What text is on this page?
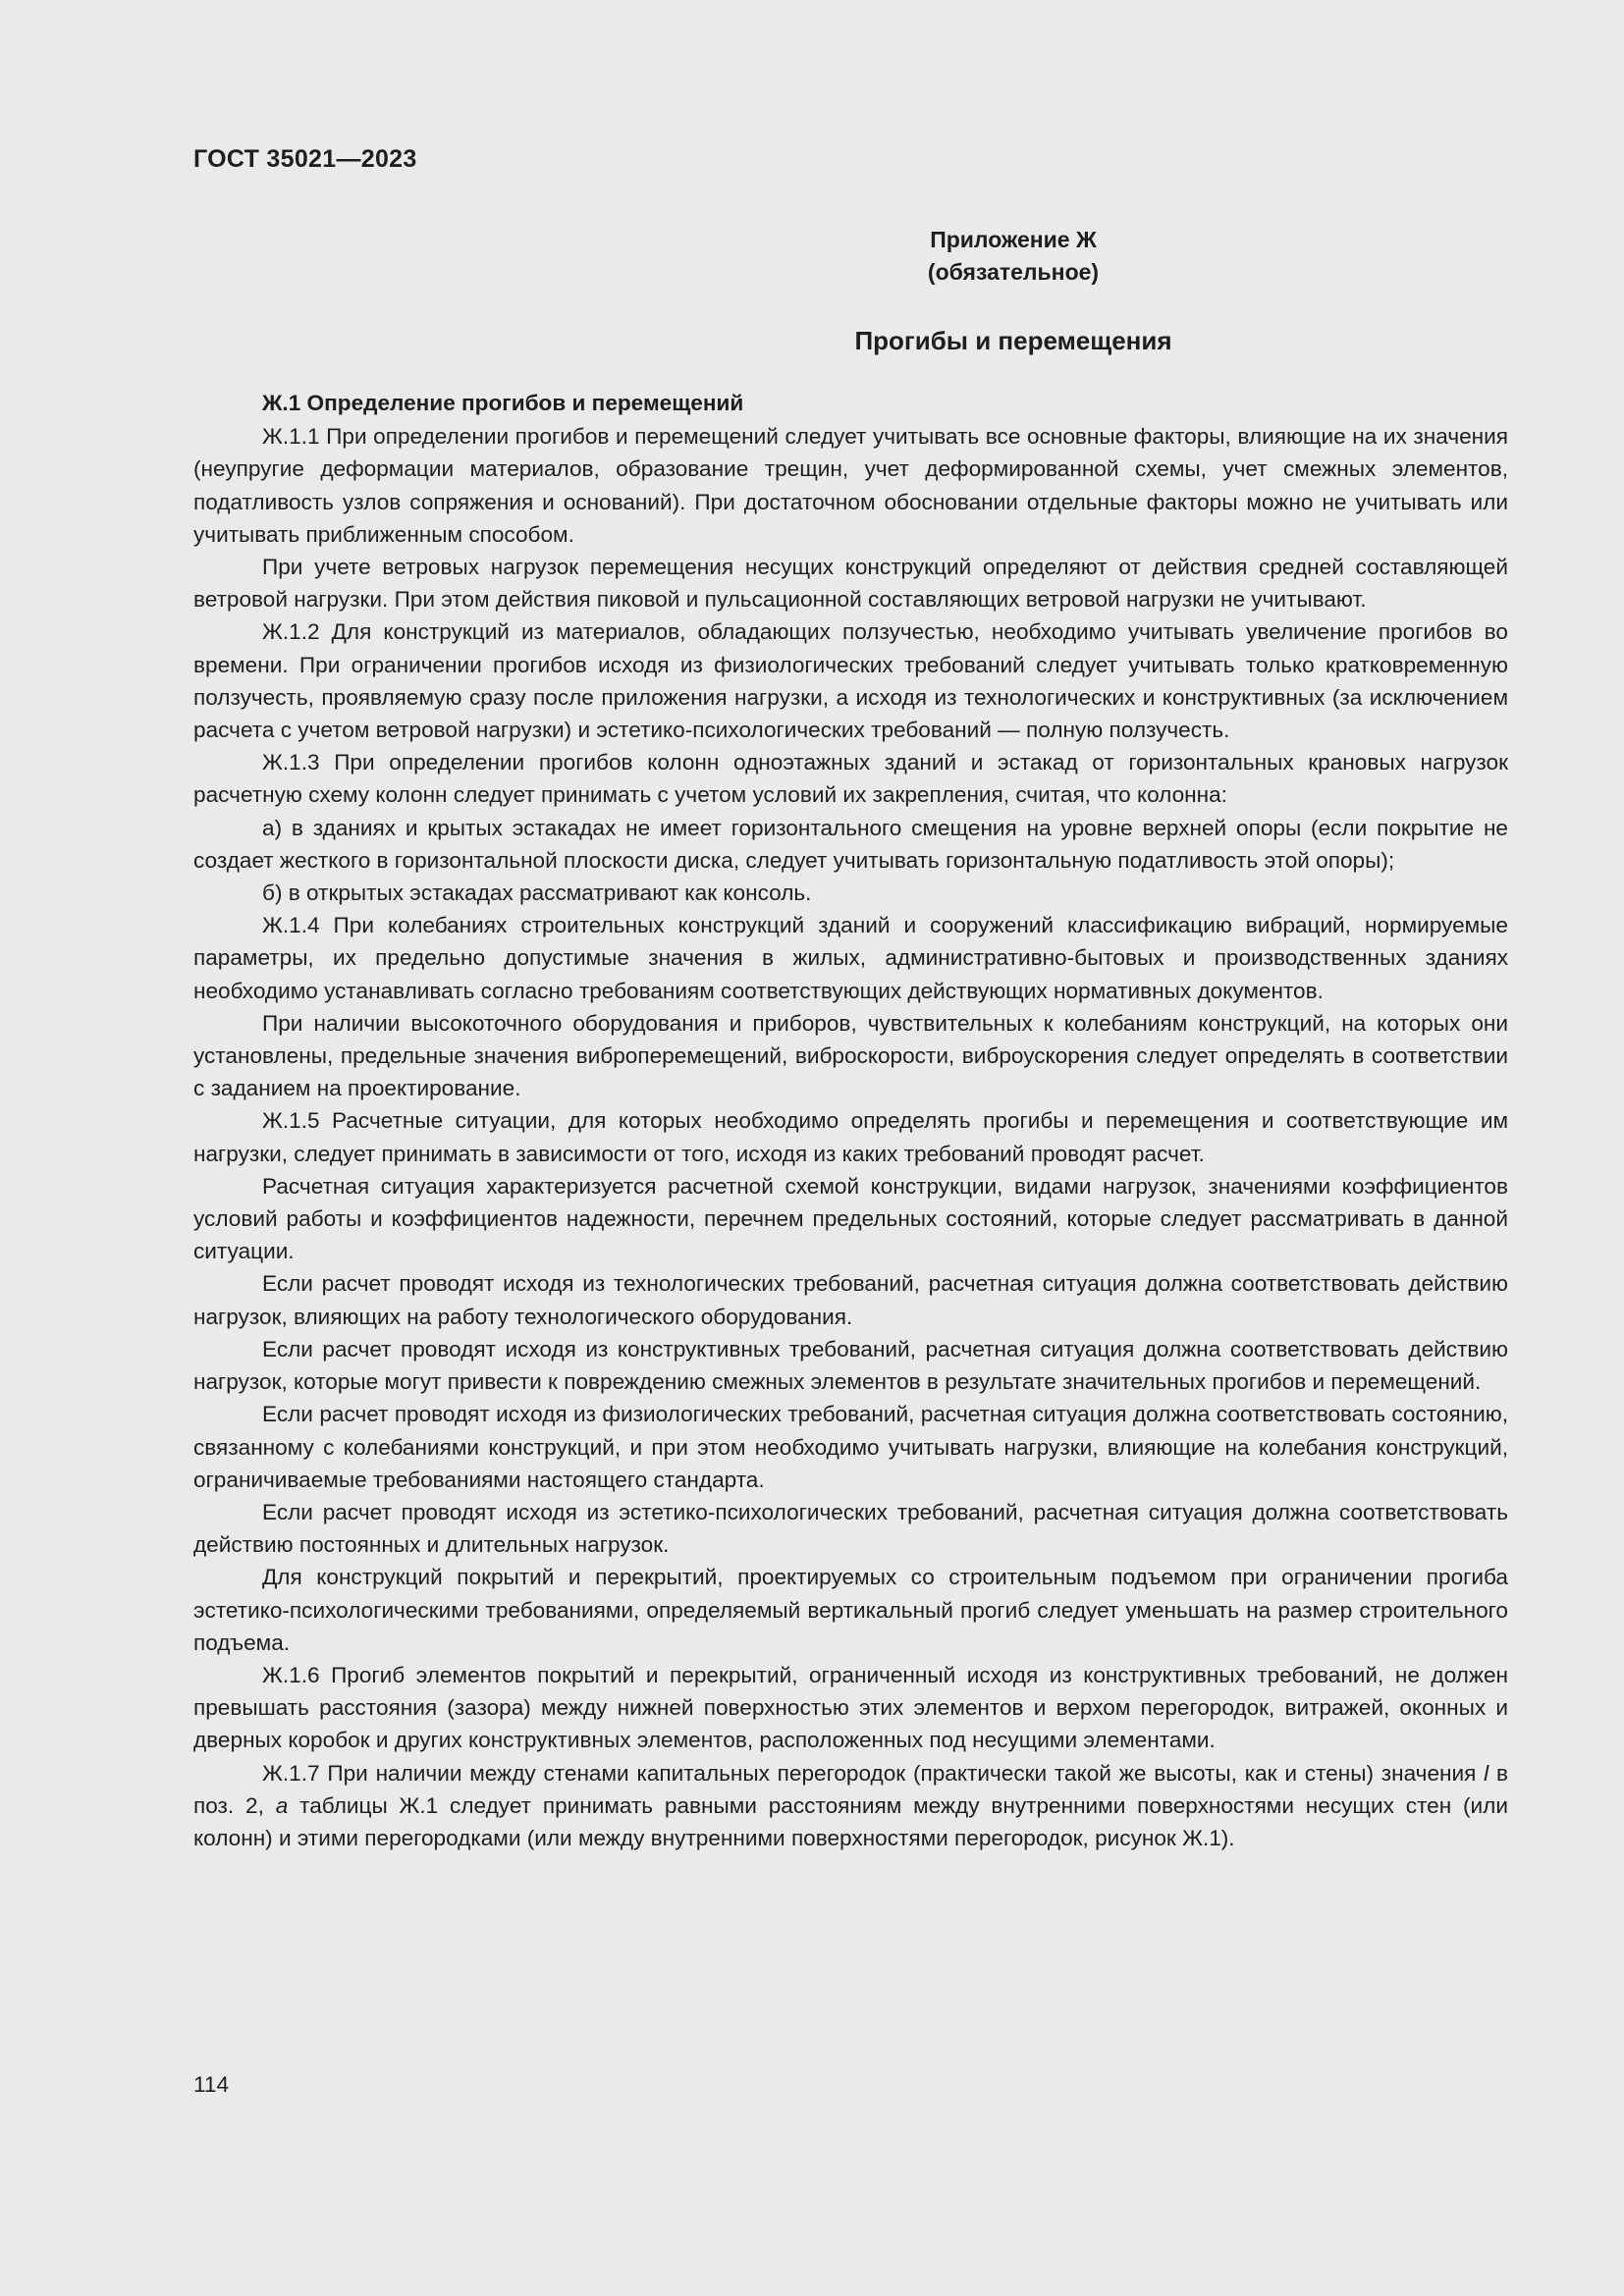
ГОСТ 35021—2023
Приложение Ж
(обязательное)
Прогибы и перемещения

Ж.1 Определение прогибов и перемещений

Ж.1.1 При определении прогибов и перемещений следует учитывать все основные факторы, влияющие на их значения (неупругие деформации материалов, образование трещин, учет деформированной схемы, учет смежных элементов, податливость узлов сопряжения и оснований). При достаточном обосновании отдельные факторы можно не учитывать или учитывать приближенным способом.

При учете ветровых нагрузок перемещения несущих конструкций определяют от действия средней составляющей ветровой нагрузки. При этом действия пиковой и пульсационной составляющих ветровой нагрузки не учитывают.

Ж.1.2 Для конструкций из материалов, обладающих ползучестью, необходимо учитывать увеличение прогибов во времени. При ограничении прогибов исходя из физиологических требований следует учитывать только кратковременную ползучесть, проявляемую сразу после приложения нагрузки, а исходя из технологических и конструктивных (за исключением расчета с учетом ветровой нагрузки) и эстетико-психологических требований — полную ползучесть.

Ж.1.3 При определении прогибов колонн одноэтажных зданий и эстакад от горизонтальных крановых нагрузок расчетную схему колонн следует принимать с учетом условий их закрепления, считая, что колонна:

а) в зданиях и крытых эстакадах не имеет горизонтального смещения на уровне верхней опоры (если покрытие не создает жесткого в горизонтальной плоскости диска, следует учитывать горизонтальную податливость этой опоры);

б) в открытых эстакадах рассматривают как консоль.

Ж.1.4 При колебаниях строительных конструкций зданий и сооружений классификацию вибраций, нормируемые параметры, их предельно допустимые значения в жилых, административно-бытовых и производственных зданиях необходимо устанавливать согласно требованиям соответствующих действующих нормативных документов.

При наличии высокоточного оборудования и приборов, чувствительных к колебаниям конструкций, на которых они установлены, предельные значения виброперемещений, виброскорости, виброускорения следует определять в соответствии с заданием на проектирование.

Ж.1.5 Расчетные ситуации, для которых необходимо определять прогибы и перемещения и соответствующие им нагрузки, следует принимать в зависимости от того, исходя из каких требований проводят расчет.

Расчетная ситуация характеризуется расчетной схемой конструкции, видами нагрузок, значениями коэффициентов условий работы и коэффициентов надежности, перечнем предельных состояний, которые следует рассматривать в данной ситуации.

Если расчет проводят исходя из технологических требований, расчетная ситуация должна соответствовать действию нагрузок, влияющих на работу технологического оборудования.

Если расчет проводят исходя из конструктивных требований, расчетная ситуация должна соответствовать действию нагрузок, которые могут привести к повреждению смежных элементов в результате значительных прогибов и перемещений.

Если расчет проводят исходя из физиологических требований, расчетная ситуация должна соответствовать состоянию, связанному с колебаниями конструкций, и при этом необходимо учитывать нагрузки, влияющие на колебания конструкций, ограничиваемые требованиями настоящего стандарта.

Если расчет проводят исходя из эстетико-психологических требований, расчетная ситуация должна соответствовать действию постоянных и длительных нагрузок.

Для конструкций покрытий и перекрытий, проектируемых со строительным подъемом при ограничении прогиба эстетико-психологическими требованиями, определяемый вертикальный прогиб следует уменьшать на размер строительного подъема.

Ж.1.6 Прогиб элементов покрытий и перекрытий, ограниченный исходя из конструктивных требований, не должен превышать расстояния (зазора) между нижней поверхностью этих элементов и верхом перегородок, витражей, оконных и дверных коробок и других конструктивных элементов, расположенных под несущими элементами.

Ж.1.7 При наличии между стенами капитальных перегородок (практически такой же высоты, как и стены) значения l в поз. 2, а таблицы Ж.1 следует принимать равными расстояниям между внутренними поверхностями несущих стен (или колонн) и этими перегородками (или между внутренними поверхностями перегородок, рисунок Ж.1).

114
